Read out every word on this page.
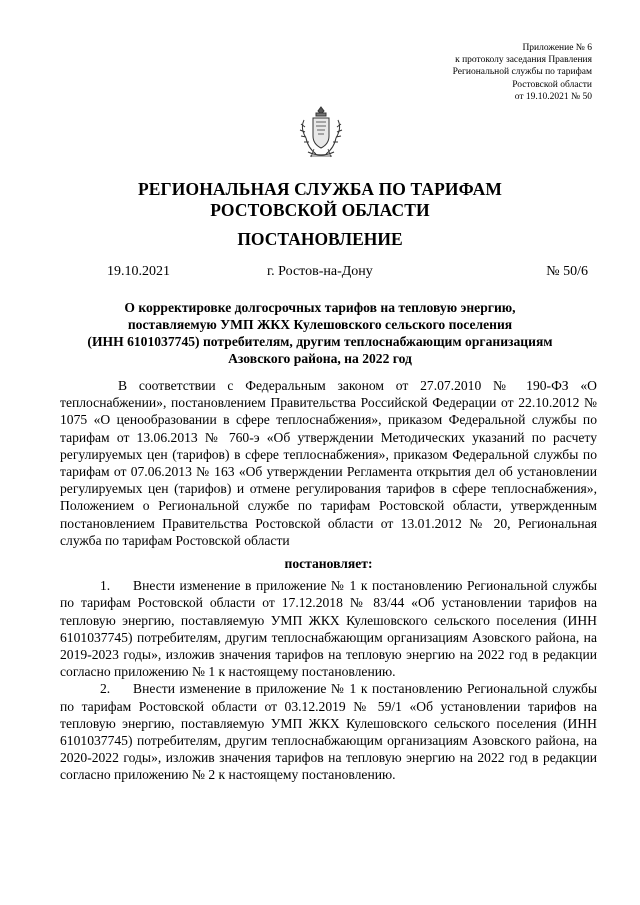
Приложение № 6
к протоколу заседания Правления
Региональной службы по тарифам
Ростовской области
от 19.10.2021 № 50
РЕГИОНАЛЬНАЯ СЛУЖБА ПО ТАРИФАМ
РОСТОВСКОЙ ОБЛАСТИ
ПОСТАНОВЛЕНИЕ
19.10.2021	г. Ростов-на-Дону	№ 50/6
О корректировке долгосрочных тарифов на тепловую энергию,
поставляемую УМП ЖКХ Кулешовского сельского поселения
(ИНН 6101037745) потребителям, другим теплоснабжающим организациям
Азовского района, на 2022 год

В соответствии с Федеральным законом от 27.07.2010 № 190-ФЗ «О теплоснабжении», постановлением Правительства Российской Федерации от 22.10.2012 № 1075 «О ценообразовании в сфере теплоснабжения», приказом Федеральной службы по тарифам от 13.06.2013 № 760-э «Об утверждении Методических указаний по расчету регулируемых цен (тарифов) в сфере теплоснабжения», приказом Федеральной службы по тарифам от 07.06.2013 № 163 «Об утверждении Регламента открытия дел об установлении регулируемых цен (тарифов) и отмене регулирования тарифов в сфере теплоснабжения», Положением о Региональной службе по тарифам Ростовской области, утвержденным постановлением Правительства Ростовской области от 13.01.2012 № 20, Региональная служба по тарифам Ростовской области

постановляет:

1. Внести изменение в приложение № 1 к постановлению Региональной службы по тарифам Ростовской области от 17.12.2018 № 83/44 «Об установлении тарифов на тепловую энергию, поставляемую УМП ЖКХ Кулешовского сельского поселения (ИНН 6101037745) потребителям, другим теплоснабжающим организациям Азовского района, на 2019-2023 годы», изложив значения тарифов на тепловую энергию на 2022 год в редакции согласно приложению № 1 к настоящему постановлению.

2. Внести изменение в приложение № 1 к постановлению Региональной службы по тарифам Ростовской области от 03.12.2019 № 59/1 «Об установлении тарифов на тепловую энергию, поставляемую УМП ЖКХ Кулешовского сельского поселения (ИНН 6101037745) потребителям, другим теплоснабжающим организациям Азовского района, на 2020-2022 годы», изложив значения тарифов на тепловую энергию на 2022 год в редакции согласно приложению № 2 к настоящему постановлению.
